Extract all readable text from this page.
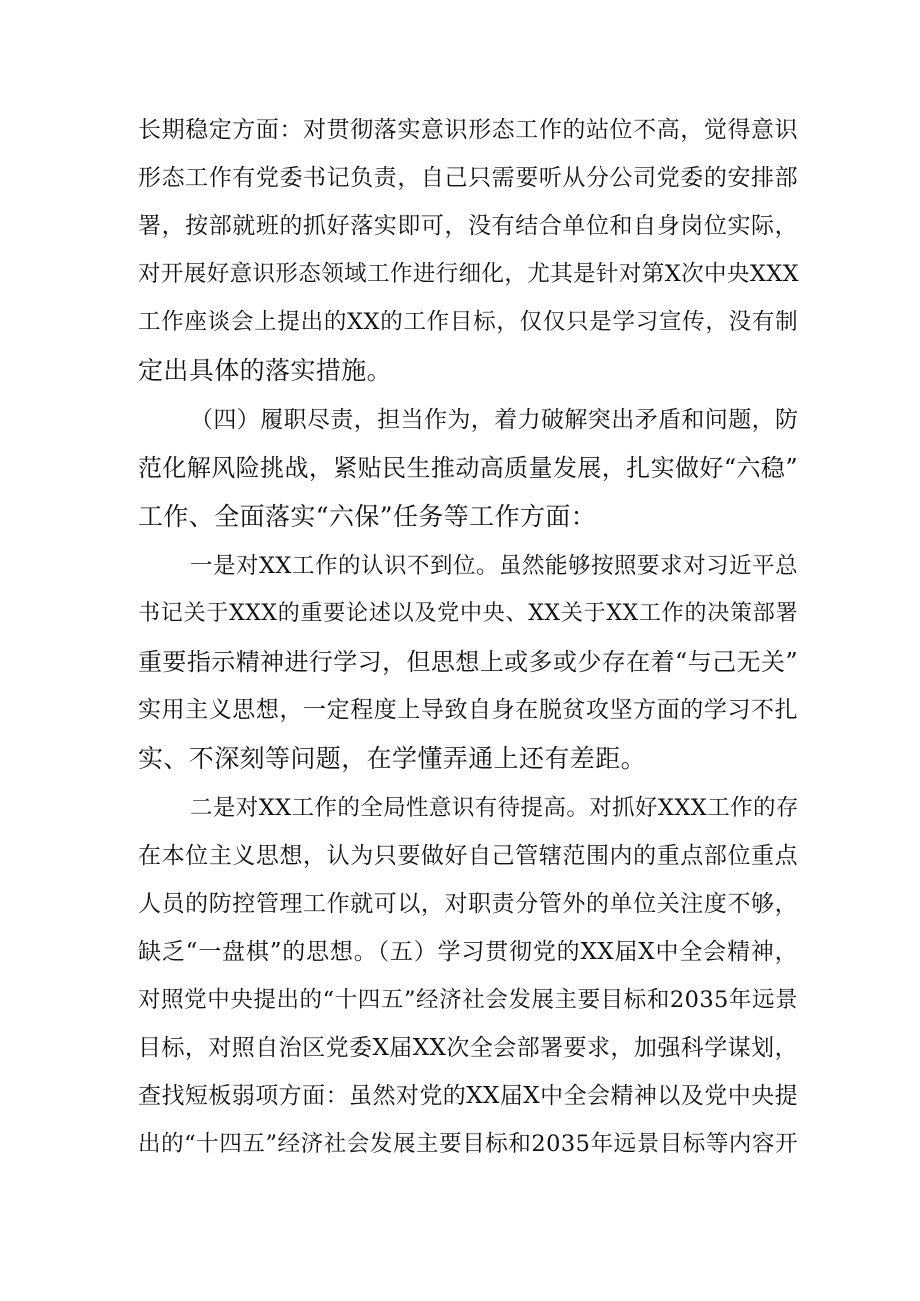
长期稳定方面：对贯彻落实意识形态工作的站位不高，觉得意识
形态工作有党委书记负责，自己只需要听从分公司党委的安排部
署，按部就班的抓好落实即可，没有结合单位和自身岗位实际，
对开展好意识形态领域工作进行细化，尤其是针对第X次中央XXX
工作座谈会上提出的XX的工作目标，仅仅只是学习宣传，没有制
定出具体的落实措施。
（四）履职尽责，担当作为，着力破解突出矛盾和问题，防
范化解风险挑战，紧贴民生推动高质量发展，扎实做好“六稳”
工作、全面落实“六保”任务等工作方面：
一是对XX工作的认识不到位。虽然能够按照要求对习近平总
书记关于XXX的重要论述以及党中央、XX关于XX工作的决策部署
重要指示精神进行学习，但思想上或多或少存在着“与己无关”
实用主义思想，一定程度上导致自身在脱贫攻坚方面的学习不扎
实、不深刻等问题，在学懂弄通上还有差距。
二是对XX工作的全局性意识有待提高。对抓好XXX工作的存
在本位主义思想，认为只要做好自己管辖范围内的重点部位重点
人员的防控管理工作就可以，对职责分管外的单位关注度不够，
缺乏“一盘棋”的思想。（五）学习贯彻党的XX届X中全会精神，
对照党中央提出的“十四五”经济社会发展主要目标和2035年远景
目标，对照自治区党委X届XX次全会部署要求，加强科学谋划，
查找短板弱项方面：虽然对党的XX届X中全会精神以及党中央提
出的“十四五”经济社会发展主要目标和2035年远景目标等内容开
